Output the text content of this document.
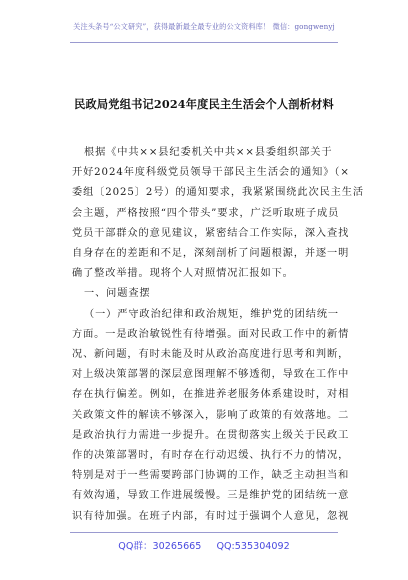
关注头条号“公文研究”，获得最新最全最专业的公文资料库！ 微信：gongwenyj
民政局党组书记2024年度民主生活会个人剖析材料
根据《中共××县纪委机关中共××县委组织部关于
开好2024年度科级党员领导干部民主生活会的通知》（×
委组〔2025〕2号）的通知要求，我紧紧围绕此次民主生活
会主题，严格按照“四个带头”要求，广泛听取班子成员
党员干部群众的意见建议，紧密结合工作实际，深入查找
自身存在的差距和不足，深刻剖析了问题根源，并逐一明
确了整改举措。现将个人对照情况汇报如下。
一、问题查摆
（一）严守政治纪律和政治规矩，维护党的团结统一
方面。一是政治敏锐性有待增强。面对民政工作中的新情
况、新问题，有时未能及时从政治高度进行思考和判断，
对上级决策部署的深层意图理解不够透彻，导致在工作中
存在执行偏差。例如，在推进养老服务体系建设时，对相
关政策文件的解读不够深入，影响了政策的有效落地。二
是政治执行力需进一步提升。在贯彻落实上级关于民政工
作的决策部署时，有时存在行动迟缓、执行不力的情况，
特别是对于一些需要跨部门协调的工作，缺乏主动担当和
有效沟通，导致工作进展缓慢。三是维护党的团结统一意
识有待加强。在班子内部，有时过于强调个人意见，忽视
QQ群：30265665 QQ:535304092
